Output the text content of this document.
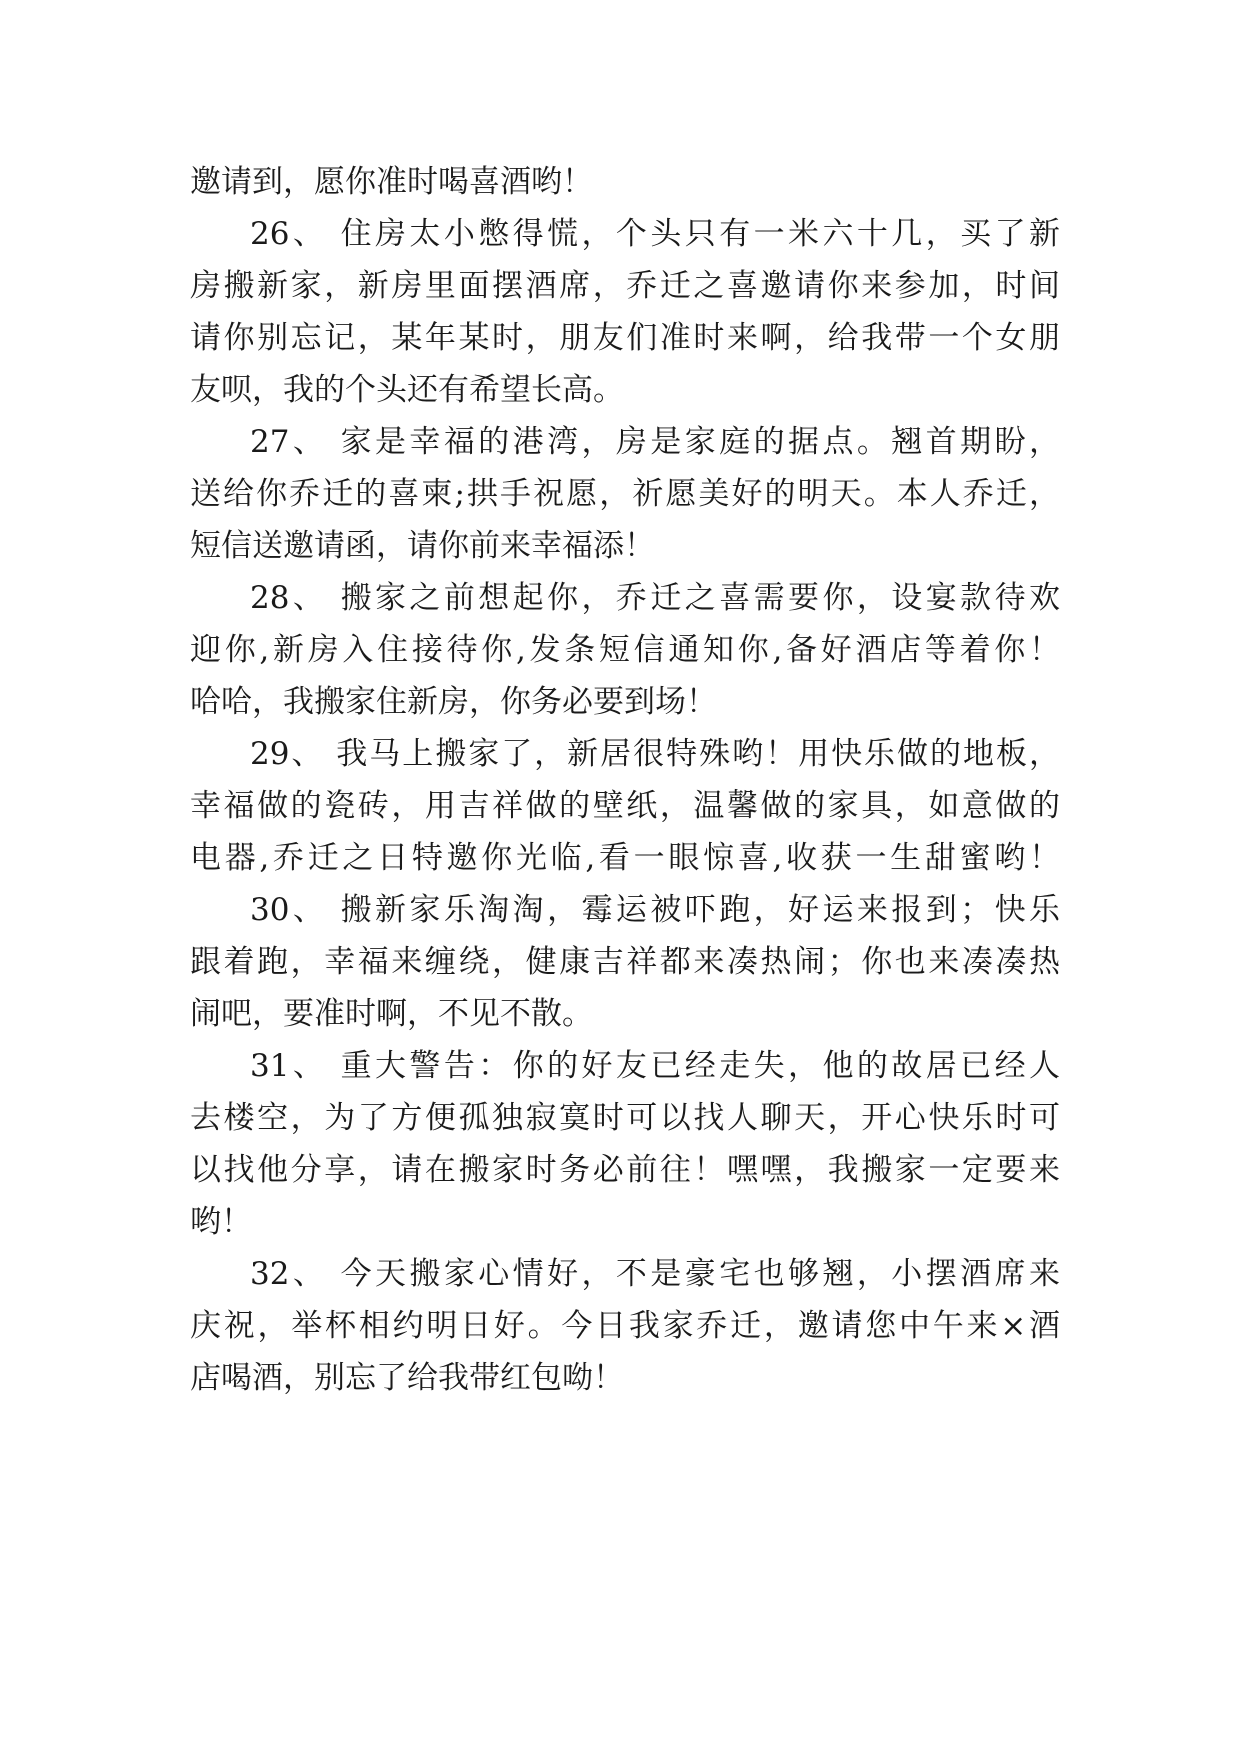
邀请到，愿你准时喝喜酒哟！
26、 住房太小憋得慌，个头只有一米六十几，买了新
房搬新家，新房里面摆酒席，乔迁之喜邀请你来参加，时间
请你别忘记，某年某时，朋友们准时来啊，给我带一个女朋
友呗，我的个头还有希望长高。
27、 家是幸福的港湾，房是家庭的据点。翘首期盼，
送给你乔迁的喜柬;拱手祝愿，祈愿美好的明天。本人乔迁，
短信送邀请函，请你前来幸福添！
28、 搬家之前想起你，乔迁之喜需要你，设宴款待欢
迎你,新房入住接待你,发条短信通知你,备好酒店等着你！
哈哈，我搬家住新房，你务必要到场！
29、 我马上搬家了，新居很特殊哟！用快乐做的地板，
幸福做的瓷砖，用吉祥做的壁纸，温馨做的家具，如意做的
电器,乔迁之日特邀你光临,看一眼惊喜,收获一生甜蜜哟！
30、 搬新家乐淘淘，霉运被吓跑，好运来报到；快乐
跟着跑，幸福来缠绕，健康吉祥都来凑热闹；你也来凑凑热
闹吧，要准时啊，不见不散。
31、 重大警告：你的好友已经走失，他的故居已经人
去楼空，为了方便孤独寂寞时可以找人聊天，开心快乐时可
以找他分享，请在搬家时务必前往！嘿嘿，我搬家一定要来
哟！
32、 今天搬家心情好，不是豪宅也够翘，小摆酒席来
庆祝，举杯相约明日好。今日我家乔迁，邀请您中午来×酒
店喝酒，别忘了给我带红包呦！
